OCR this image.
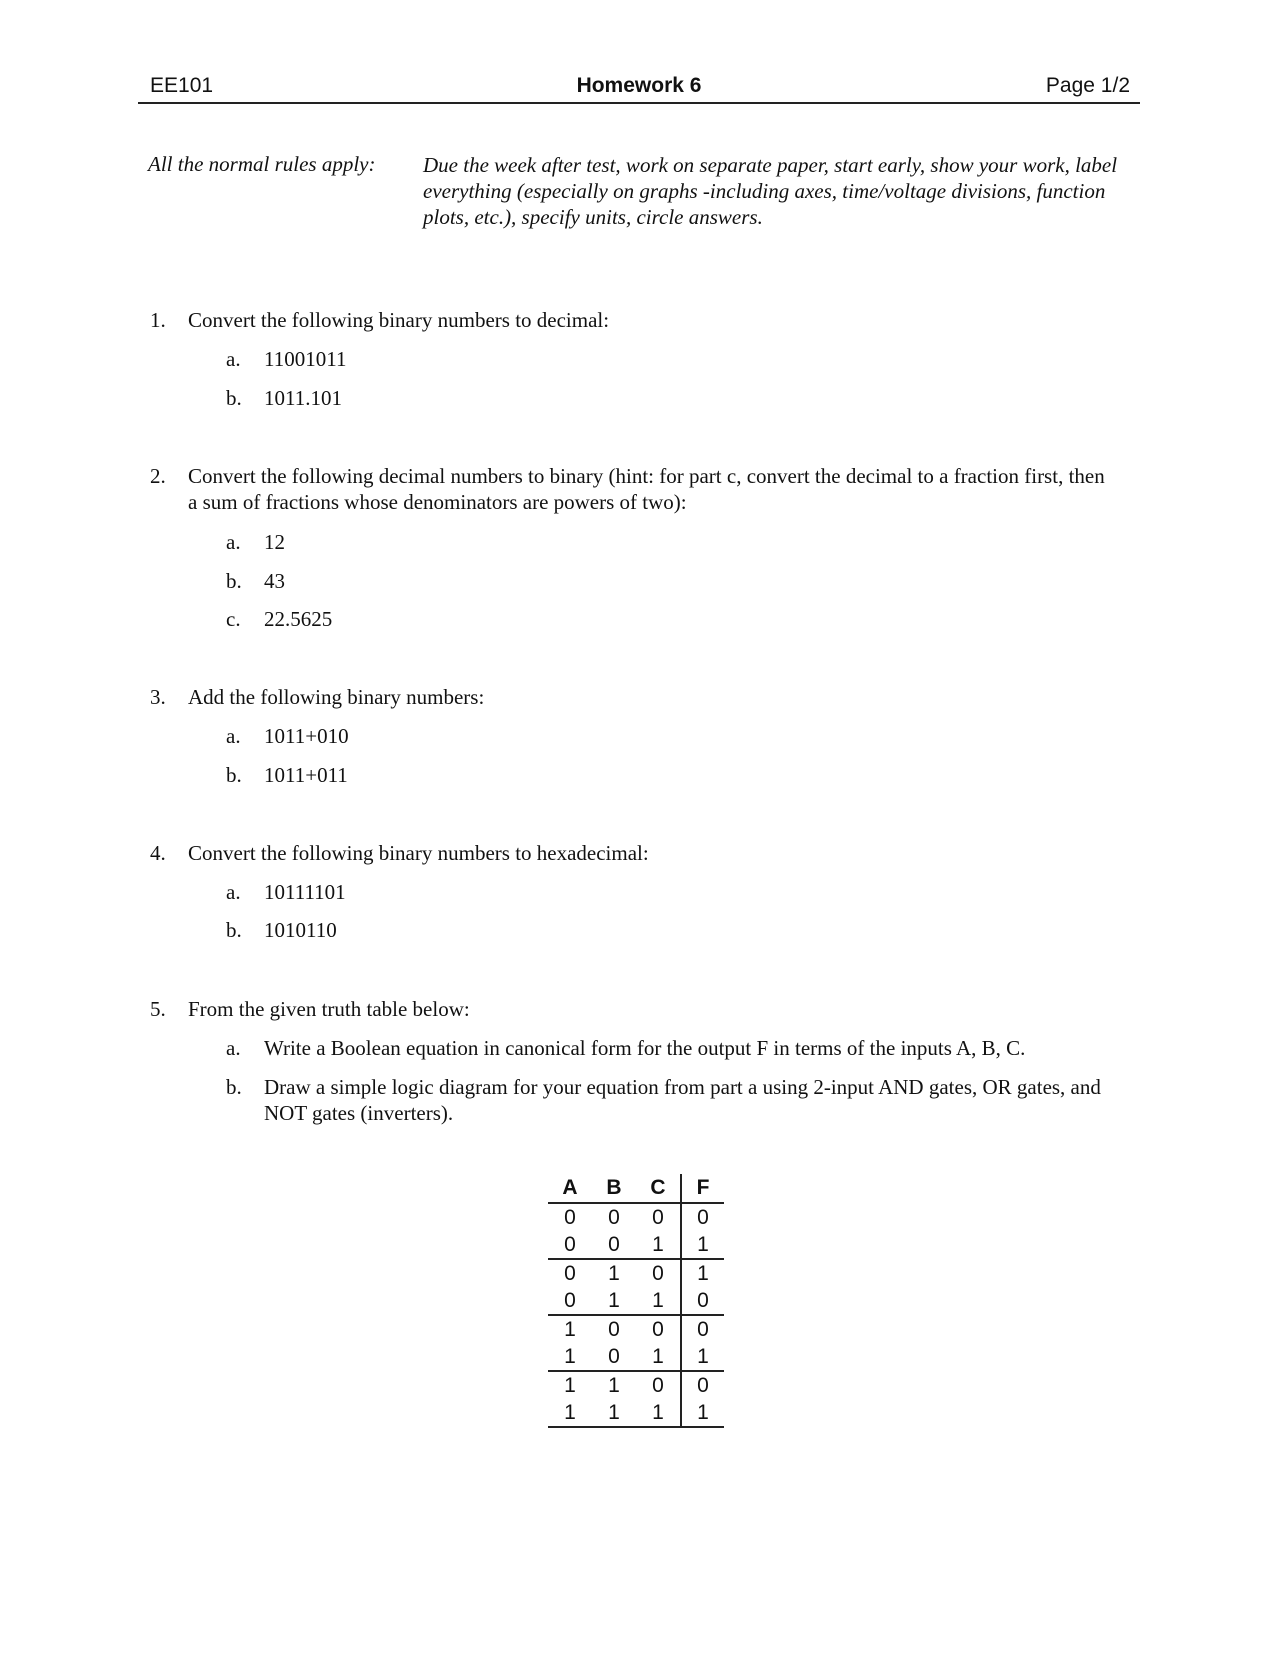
EE101	Homework 6	Page 1/2
All the normal rules apply: Due the week after test, work on separate paper, start early, show your work, label everything (especially on graphs -including axes, time/voltage divisions, function plots, etc.), specify units, circle answers.
1.	Convert the following binary numbers to decimal:
a.	11001011
b. 1011.101
2.	Convert the following decimal numbers to binary (hint: for part c, convert the decimal to a fraction first, then a sum of fractions whose denominators are powers of two):
a.	12
b. 43
c.	22.5625
3.	Add the following binary numbers:
a.	1011+010
b. 1011+011
4.	Convert the following binary numbers to hexadecimal:
a.	10111101
b. 1010110
5.	From the given truth table below:
a.	Write a Boolean equation in canonical form for the output F in terms of the inputs A, B, C.
b. Draw a simple logic diagram for your equation from part a using 2-input AND gates, OR gates, and NOT gates (inverters).
A	B	C	F
0	0	0	0
0	0	1	1
0	1	0	1
0	1	1	0
1	0	0	0
1	0	1	1
1	1	0	0
1	1	1	1
